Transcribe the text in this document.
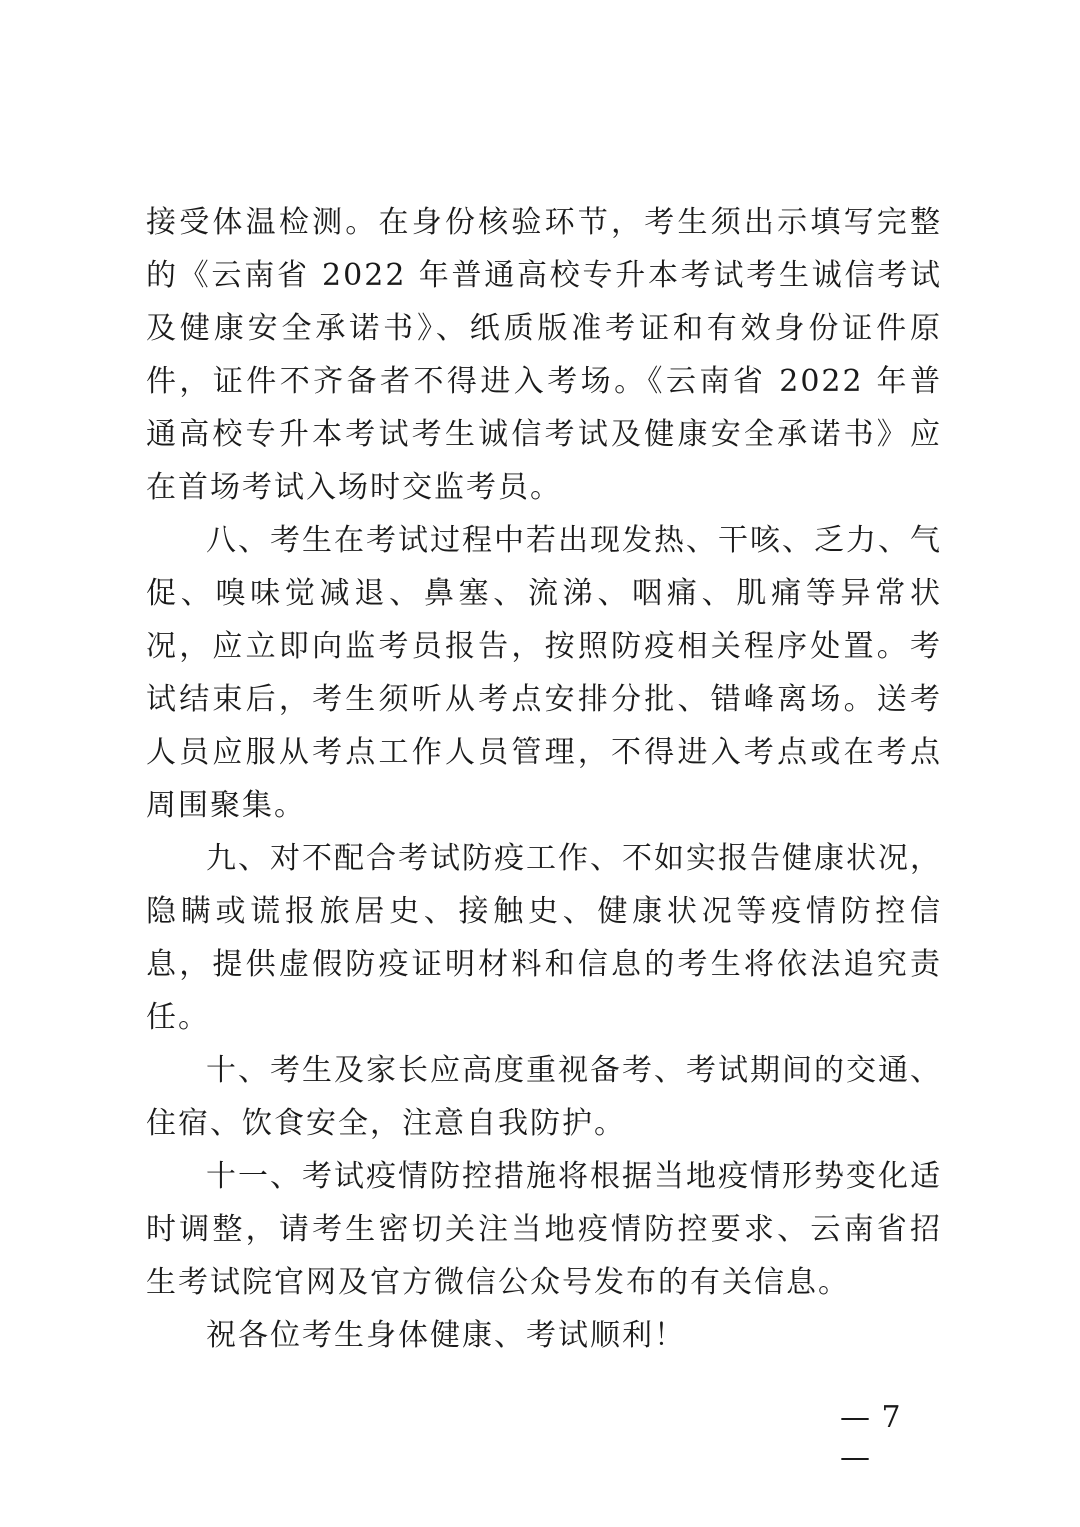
接受体温检测。在身份核验环节，考生须出示填写完整的《云南省 2022 年普通高校专升本考试考生诚信考试及健康安全承诺书》、纸质版准考证和有效身份证件原件，证件不齐备者不得进入考场。《云南省 2022 年普通高校专升本考试考生诚信考试及健康安全承诺书》应在首场考试入场时交监考员。

八、考生在考试过程中若出现发热、干咳、乏力、气促、嗅味觉减退、鼻塞、流涕、咽痛、肌痛等异常状况，应立即向监考员报告，按照防疫相关程序处置。考试结束后，考生须听从考点安排分批、错峰离场。送考人员应服从考点工作人员管理，不得进入考点或在考点周围聚集。

九、对不配合考试防疫工作、不如实报告健康状况，隐瞒或谎报旅居史、接触史、健康状况等疫情防控信息，提供虚假防疫证明材料和信息的考生将依法追究责任。

十、考生及家长应高度重视备考、考试期间的交通、住宿、饮食安全，注意自我防护。

十一、考试疫情防控措施将根据当地疫情形势变化适时调整，请考生密切关注当地疫情防控要求、云南省招生考试院官网及官方微信公众号发布的有关信息。

祝各位考生身体健康、考试顺利！

— 7 —
